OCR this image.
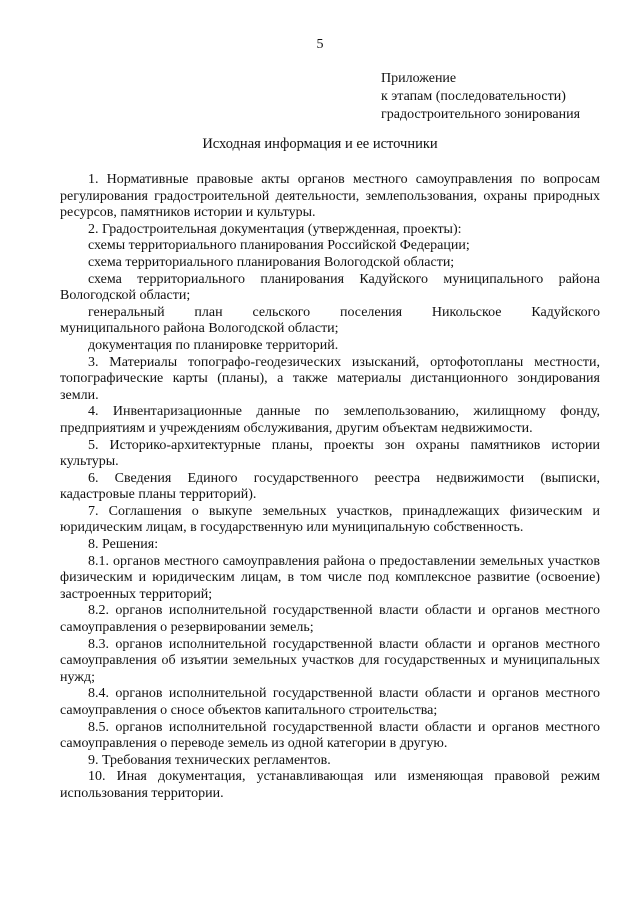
5
Приложение
к этапам (последовательности)
градостроительного зонирования
Исходная информация и ее источники

1. Нормативные правовые акты органов местного самоуправления по вопросам регулирования градостроительной деятельности, землепользования, охраны природных ресурсов, памятников истории и культуры.

2. Градостроительная документация (утвержденная, проекты):

схемы территориального планирования Российской Федерации;

схема территориального планирования Вологодской области;

схема территориального планирования Кадуйского муниципального района Вологодской области;

генеральный план сельского поселения Никольское Кадуйского

муниципального района Вологодской области;

документация по планировке территорий.

3. Материалы топографо-геодезических изысканий, ортофотопланы местности, топографические карты (планы), а также материалы дистанционного зондирования земли.

4. Инвентаризационные данные по землепользованию, жилищному фонду, предприятиям и учреждениям обслуживания, другим объектам недвижимости.

5. Историко-архитектурные планы, проекты зон охраны памятников истории культуры.

6. Сведения Единого государственного реестра недвижимости (выписки, кадастровые планы территорий).

7. Соглашения о выкупе земельных участков, принадлежащих физическим и юридическим лицам, в государственную или муниципальную собственность.

8. Решения:

8.1. органов местного самоуправления района о предоставлении земельных участков физическим и юридическим лицам, в том числе под комплексное развитие (освоение) застроенных территорий;

8.2. органов исполнительной государственной власти области и органов местного самоуправления о резервировании земель;

8.3. органов исполнительной государственной власти области и органов местного самоуправления об изъятии земельных участков для государственных и муниципальных нужд;

8.4. органов исполнительной государственной власти области и органов местного самоуправления о сносе объектов капитального строительства;

8.5. органов исполнительной государственной власти области и органов местного самоуправления о переводе земель из одной категории в другую.

9. Требования технических регламентов.

10. Иная документация, устанавливающая или изменяющая правовой режим использования территории.
